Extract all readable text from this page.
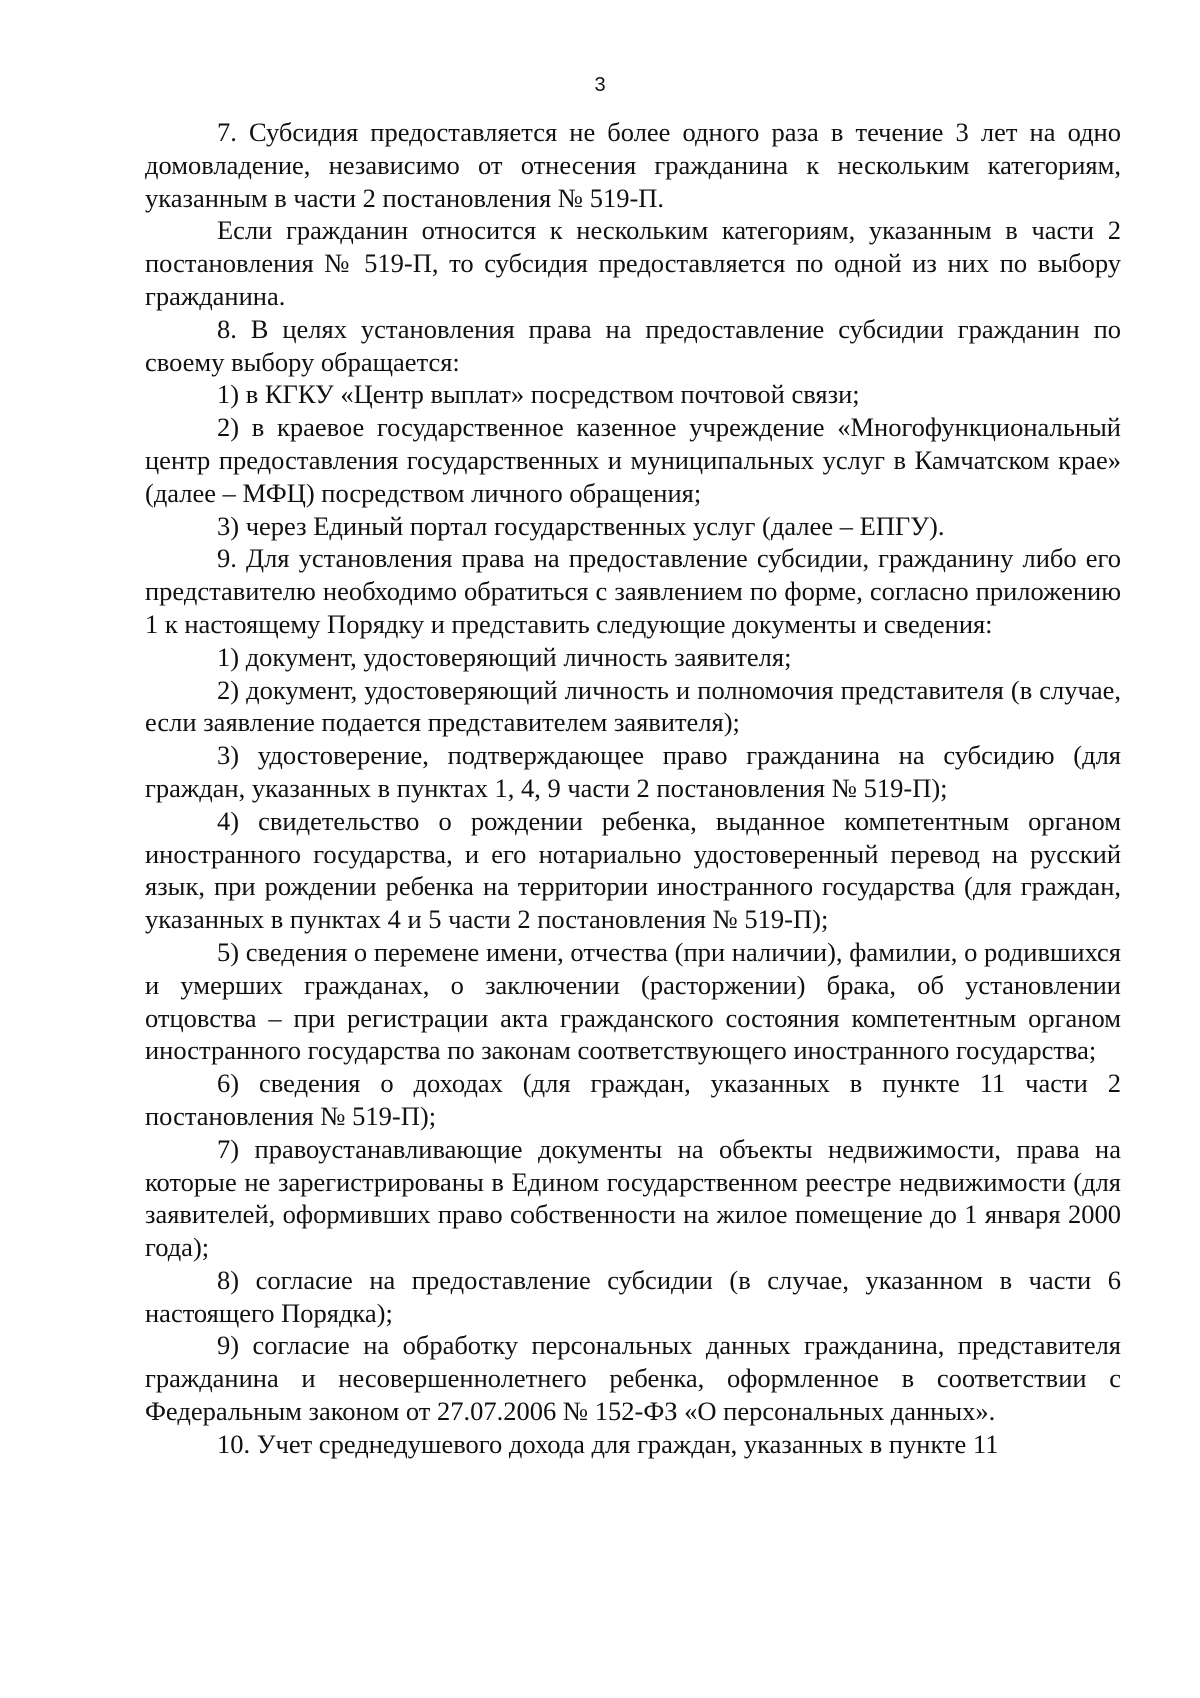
3

7. Субсидия предоставляется не более одного раза в течение 3 лет на одно домовладение, независимо от отнесения гражданина к нескольким категориям, указанным в части 2 постановления № 519-П.

Если гражданин относится к нескольким категориям, указанным в части 2 постановления № 519-П, то субсидия предоставляется по одной из них по выбору гражданина.

8. В целях установления права на предоставление субсидии гражданин по своему выбору обращается:

1) в КГКУ «Центр выплат» посредством почтовой связи;

2) в краевое государственное казенное учреждение «Многофункциональный центр предоставления государственных и муниципальных услуг в Камчатском крае» (далее – МФЦ) посредством личного обращения;

3) через Единый портал государственных услуг (далее – ЕПГУ).

9. Для установления права на предоставление субсидии, гражданину либо его представителю необходимо обратиться с заявлением по форме, согласно приложению 1 к настоящему Порядку и представить следующие документы и сведения:

1) документ, удостоверяющий личность заявителя;

2) документ, удостоверяющий личность и полномочия представителя (в случае, если заявление подается представителем заявителя);

3) удостоверение, подтверждающее право гражданина на субсидию (для граждан, указанных в пунктах 1, 4, 9 части 2 постановления № 519-П);

4) свидетельство о рождении ребенка, выданное компетентным органом иностранного государства, и его нотариально удостоверенный перевод на русский язык, при рождении ребенка на территории иностранного государства (для граждан, указанных в пунктах 4 и 5 части 2 постановления № 519-П);

5) сведения о перемене имени, отчества (при наличии), фамилии, о родившихся и умерших гражданах, о заключении (расторжении) брака, об установлении отцовства – при регистрации акта гражданского состояния компетентным органом иностранного государства по законам соответствующего иностранного государства;

6) сведения о доходах (для граждан, указанных в пункте 11 части 2 постановления № 519-П);

7) правоустанавливающие документы на объекты недвижимости, права на которые не зарегистрированы в Едином государственном реестре недвижимости (для заявителей, оформивших право собственности на жилое помещение до 1 января 2000 года);

8) согласие на предоставление субсидии (в случае, указанном в части 6 настоящего Порядка);

9) согласие на обработку персональных данных гражданина, представителя гражданина и несовершеннолетнего ребенка, оформленное в соответствии с Федеральным законом от 27.07.2006 № 152-ФЗ «О персональных данных».

10. Учет среднедушевого дохода для граждан, указанных в пункте 11
